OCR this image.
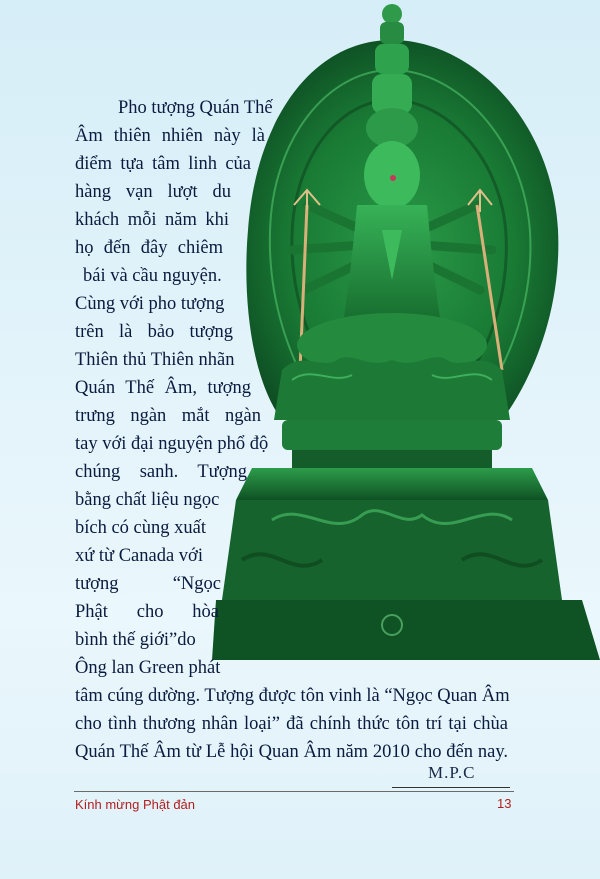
Pho tượng Quán Thế
Âm thiên nhiên này là
điểm tựa tâm linh của
hàng vạn lượt du
khách mỗi năm khi
họ đến đây chiêm
bái và cầu nguyện.
Cùng với pho tượng
trên là bảo tượng
Thiên thủ Thiên nhãn
Quán Thế Âm, tượng
trưng ngàn mắt ngàn
tay với đại nguyện phổ độ
chúng sanh. Tượng
bằng chất liệu ngọc
bích có cùng xuất
xứ từ Canada với
tượng “Ngọc
Phật cho hòa
bình thế giới”do
Ông lan Green phát
tâm cúng dường. Tượng được tôn vinh là “Ngọc Quan Âm
cho tình thương nhân loại” đã chính thức tôn trí tại chùa
Quán Thế Âm từ Lễ hội Quan Âm năm 2010 cho đến nay.
M.P.C
Kính mừng Phật đản	13
